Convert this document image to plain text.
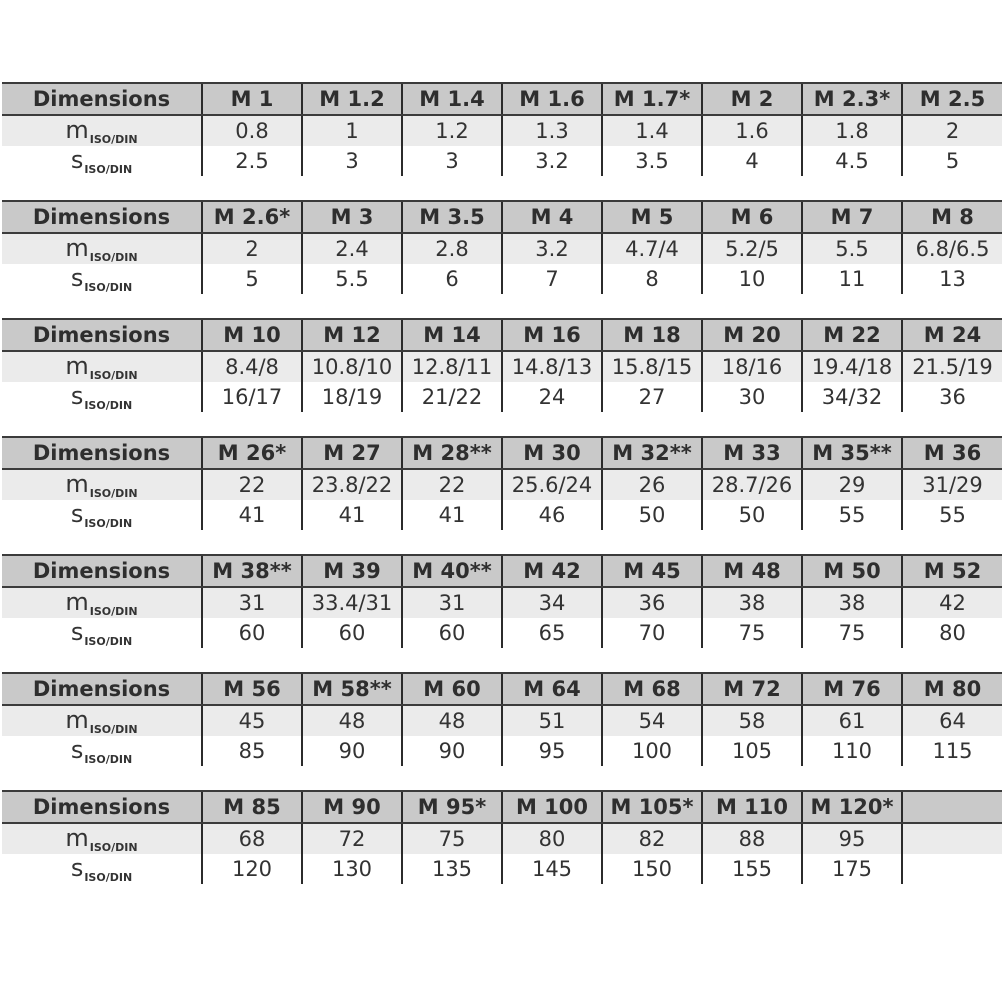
Dimensions	M 1	M 1.2	M 1.4	M 1.6	M 1.7*	M 2	M 2.3*	M 2.5
$m_{ISO/DIN}$	0.8	1	1.2	1.3	1.4	1.6	1.8	2
$s_{ISO/DIN}$	2.5	3	3	3.2	3.5	4	4.5	5
Dimensions	M 2.6*	M 3	M 3.5	M 4	M 5	M 6	M 7	M 8
$m_{ISO/DIN}$	2	2.4	2.8	3.2	4.7/4	5.2/5	5.5	6.8/6.5
$s_{ISO/DIN}$	5	5.5	6	7	8	10	11	13
Dimensions	M 10	M 12	M 14	M 16	M 18	M 20	M 22	M 24
$m_{ISO/DIN}$	8.4/8	10.8/10	12.8/11	14.8/13	15.8/15	18/16	19.4/18	21.5/19
$s_{ISO/DIN}$	16/17	18/19	21/22	24	27	30	34/32	36
Dimensions	M 26*	M 27	M 28**	M 30	M 32**	M 33	M 35**	M 36
$m_{ISO/DIN}$	22	23.8/22	22	25.6/24	26	28.7/26	29	31/29
$s_{ISO/DIN}$	41	41	41	46	50	50	55	55
Dimensions	M 38**	M 39	M 40**	M 42	M 45	M 48	M 50	M 52
$m_{ISO/DIN}$	31	33.4/31	31	34	36	38	38	42
$s_{ISO/DIN}$	60	60	60	65	70	75	75	80
Dimensions	M 56	M 58**	M 60	M 64	M 68	M 72	M 76	M 80
$m_{ISO/DIN}$	45	48	48	51	54	58	61	64
$s_{ISO/DIN}$	85	90	90	95	100	105	110	115
Dimensions	M 85	M 90	M 95*	M 100	M 105*	M 110	M 120*	
$m_{ISO/DIN}$	68	72	75	80	82	88	95	
$s_{ISO/DIN}$	120	130	135	145	150	155	175	
